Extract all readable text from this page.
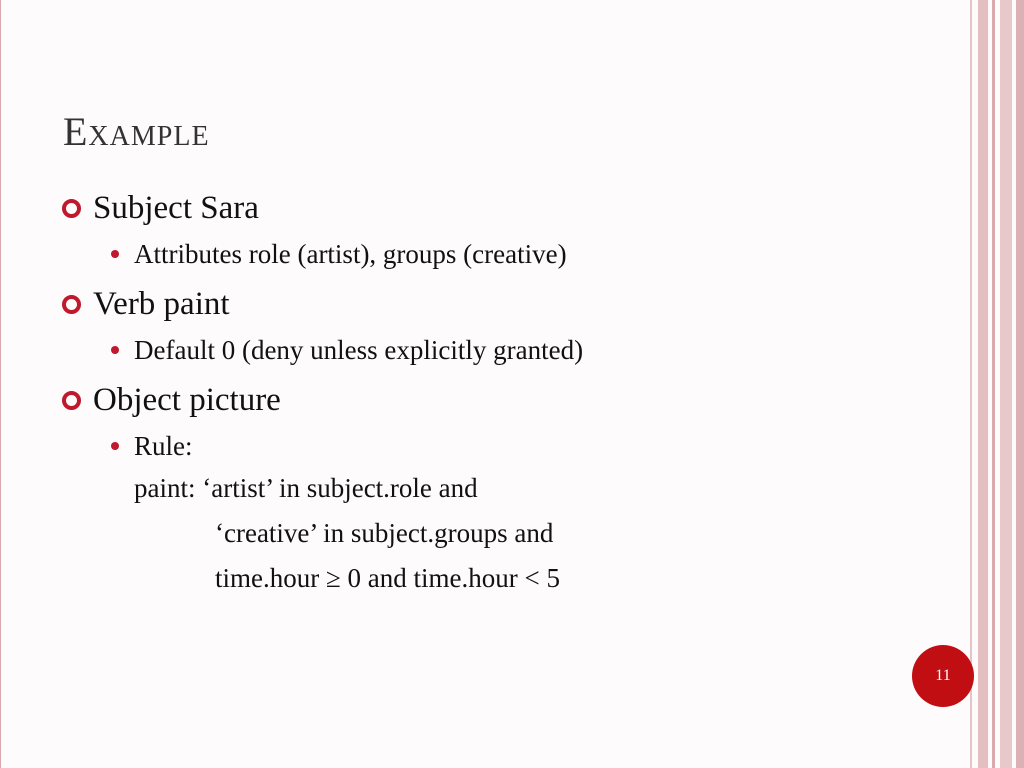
Example
Subject Sara
Attributes role (artist), groups (creative)
Verb paint
Default 0 (deny unless explicitly granted)
Object picture
Rule:
paint: ‘artist’ in subject.role and
‘creative’ in subject.groups and
time.hour ≥ 0 and time.hour < 5
11
